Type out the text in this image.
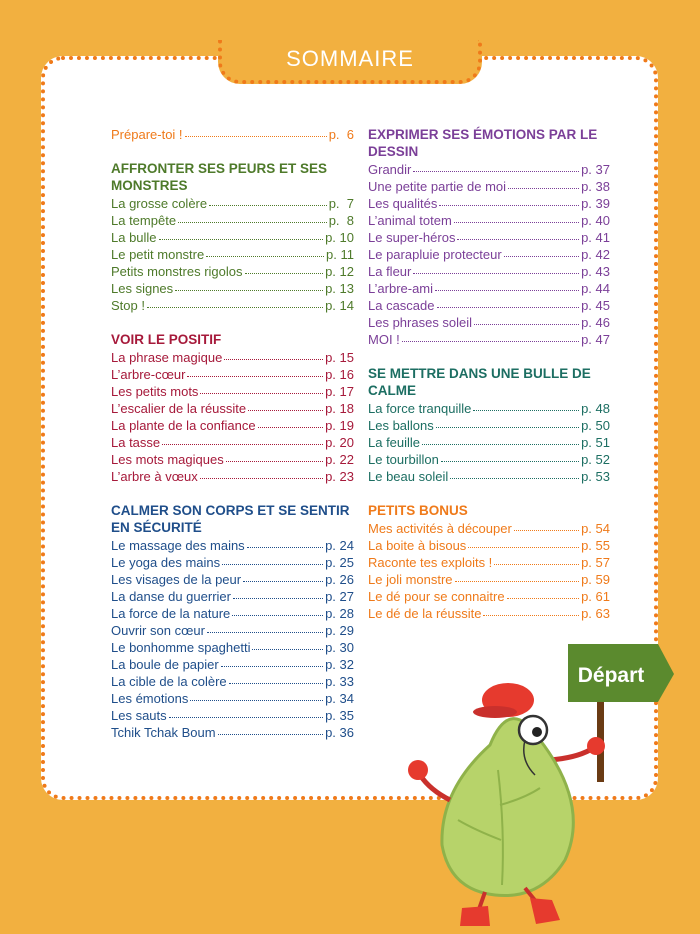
SOMMAIRE
Prépare-toi !	p.  6
AFFRONTER SES PEURS ET SES MONSTRES
La grosse colère	p.  7
La tempête	p.  8
La bulle	p. 10
Le petit monstre	p. 11
Petits monstres rigolos	p. 12
Les signes	p. 13
Stop !	p. 14
VOIR LE POSITIF
La phrase magique	p. 15
L’arbre-cœur	p. 16
Les petits mots	p. 17
L’escalier de la réussite	p. 18
La plante de la confiance	p. 19
La tasse	p. 20
Les mots magiques	p. 22
L’arbre à vœux	p. 23
CALMER SON CORPS ET SE SENTIR EN SÉCURITÉ
Le massage des mains	p. 24
Le yoga des mains	p. 25
Les visages de la peur	p. 26
La danse du guerrier	p. 27
La force de la nature	p. 28
Ouvrir son cœur	p. 29
Le bonhomme spaghetti	p. 30
La boule de papier	p. 32
La cible de la colère	p. 33
Les émotions	p. 34
Les sauts	p. 35
Tchik Tchak Boum	p. 36
EXPRIMER SES ÉMOTIONS PAR LE DESSIN
Grandir	p. 37
Une petite partie de moi	p. 38
Les qualités	p. 39
L’animal totem	p. 40
Le super-héros	p. 41
Le parapluie protecteur	p. 42
La fleur	p. 43
L’arbre-ami	p. 44
La cascade	p. 45
Les phrases soleil	p. 46
MOI !	p. 47
SE METTRE DANS UNE BULLE DE CALME
La force tranquille	p. 48
Les ballons	p. 50
La feuille	p. 51
Le tourbillon	p. 52
Le beau soleil	p. 53
PETITS BONUS
Mes activités à découper	p. 54
La boite à bisous	p. 55
Raconte tes exploits !	p. 57
Le joli monstre	p. 59
Le dé pour se connaitre	p. 61
Le dé de la réussite	p. 63
Départ
